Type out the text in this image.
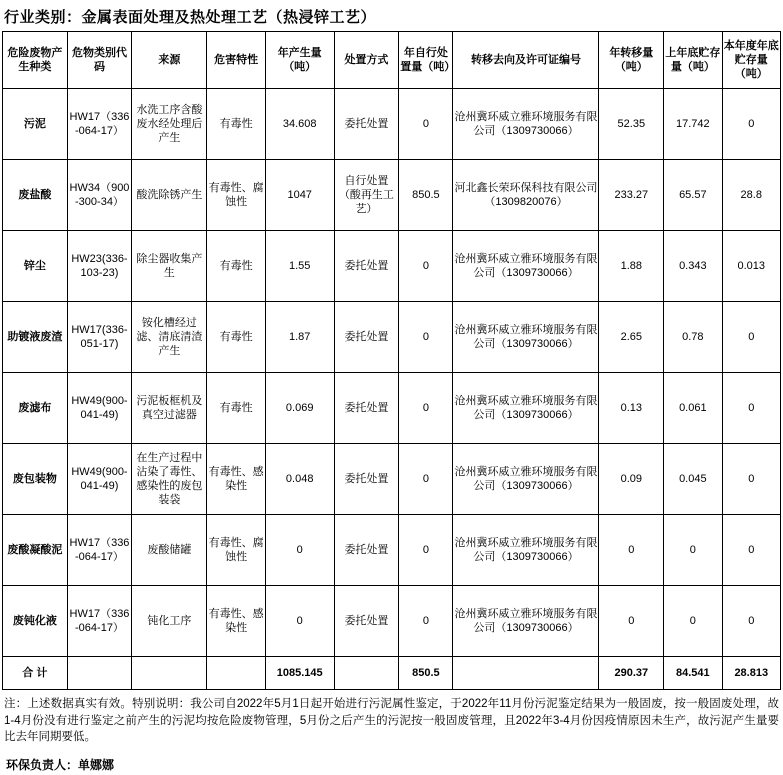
行业类别：金属表面处理及热处理工艺（热浸锌工艺）
危险废物产生种类	危物类别代码	来源	危害特性	年产生量（吨）	处置方式	年自行处置量（吨）	转移去向及许可证编号	年转移量（吨）	上年底贮存量（吨）	本年度年底贮存量（吨）
污泥	HW17（336-064-17）	水洗工序含酸废水经处理后产生	有毒性	34.608	委托处置	0	沧州冀环威立雅环境服务有限公司（1309730066）	52.35	17.742	0
废盐酸	HW34（900-300-34）	酸洗除锈产生	有毒性、腐蚀性	1047	自行处置（酸再生工艺）	850.5	河北鑫长荣环保科技有限公司（1309820076）	233.27	65.57	28.8
锌尘	HW23(336-103-23)	除尘器收集产生	有毒性	1.55	委托处置	0	沧州冀环威立雅环境服务有限公司（1309730066）	1.88	0.343	0.013
助镀液废渣	HW17(336-051-17)	铵化槽经过滤、清底清渣产生	有毒性	1.87	委托处置	0	沧州冀环威立雅环境服务有限公司（1309730066）	2.65	0.78	0
废滤布	HW49(900-041-49)	污泥板框机及真空过滤器	有毒性	0.069	委托处置	0	沧州冀环威立雅环境服务有限公司（1309730066）	0.13	0.061	0
废包装物	HW49(900-041-49)	在生产过程中沾染了毒性、感染性的废包装袋	有毒性、感染性	0.048	委托处置	0	沧州冀环威立雅环境服务有限公司（1309730066）	0.09	0.045	0
废酸凝酸泥	HW17（336-064-17）	废酸储罐	有毒性、腐蚀性	0	委托处置	0	沧州冀环威立雅环境服务有限公司（1309730066）	0	0	0
废钝化液	HW17（336-064-17）	钝化工序	有毒性、感染性	0	委托处置	0	沧州冀环威立雅环境服务有限公司（1309730066）	0	0	0
合 计				1085.145		850.5		290.37	84.541	28.813
注：上述数据真实有效。特别说明：我公司自2022年5月1日起开始进行污泥属性鉴定，于2022年11月份污泥鉴定结果为一般固废，按一般固废处理，故1-4月份没有进行鉴定之前产生的污泥均按危险废物管理，5月份之后产生的污泥按一般固废管理，且2022年3-4月份因疫情原因未生产，故污泥产生量要比去年同期要低。
环保负责人：单娜娜
